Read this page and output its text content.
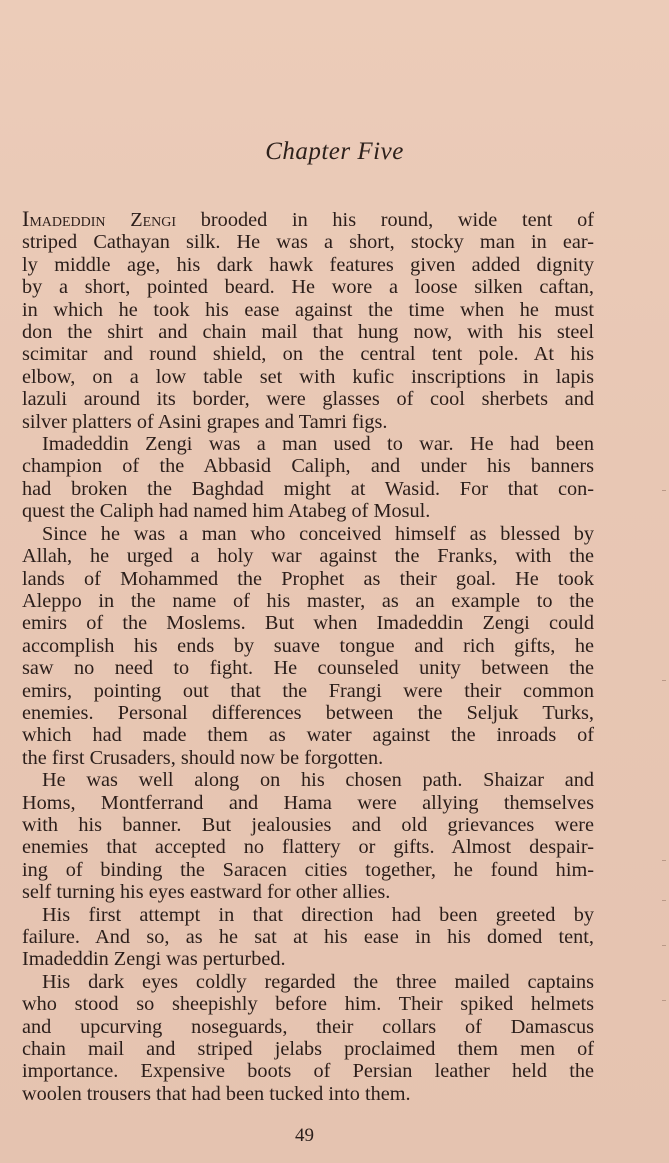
Chapter Five
Imadeddin Zengi brooded in his round, wide tent of
striped Cathayan silk. He was a short, stocky man in ear-
ly middle age, his dark hawk features given added dignity
by a short, pointed beard. He wore a loose silken caftan,
in which he took his ease against the time when he must
don the shirt and chain mail that hung now, with his steel
scimitar and round shield, on the central tent pole. At his
elbow, on a low table set with kufic inscriptions in lapis
lazuli around its border, were glasses of cool sherbets and
silver platters of Asini grapes and Tamri figs.
Imadeddin Zengi was a man used to war. He had been
champion of the Abbasid Caliph, and under his banners
had broken the Baghdad might at Wasid. For that con-
quest the Caliph had named him Atabeg of Mosul.
Since he was a man who conceived himself as blessed by
Allah, he urged a holy war against the Franks, with the
lands of Mohammed the Prophet as their goal. He took
Aleppo in the name of his master, as an example to the
emirs of the Moslems. But when Imadeddin Zengi could
accomplish his ends by suave tongue and rich gifts, he
saw no need to fight. He counseled unity between the
emirs, pointing out that the Frangi were their common
enemies. Personal differences between the Seljuk Turks,
which had made them as water against the inroads of
the first Crusaders, should now be forgotten.
He was well along on his chosen path. Shaizar and
Homs, Montferrand and Hama were allying themselves
with his banner. But jealousies and old grievances were
enemies that accepted no flattery or gifts. Almost despair-
ing of binding the Saracen cities together, he found him-
self turning his eyes eastward for other allies.
His first attempt in that direction had been greeted by
failure. And so, as he sat at his ease in his domed tent,
Imadeddin Zengi was perturbed.
His dark eyes coldly regarded the three mailed captains
who stood so sheepishly before him. Their spiked helmets
and upcurving noseguards, their collars of Damascus
chain mail and striped jelabs proclaimed them men of
importance. Expensive boots of Persian leather held the
woolen trousers that had been tucked into them.
49
